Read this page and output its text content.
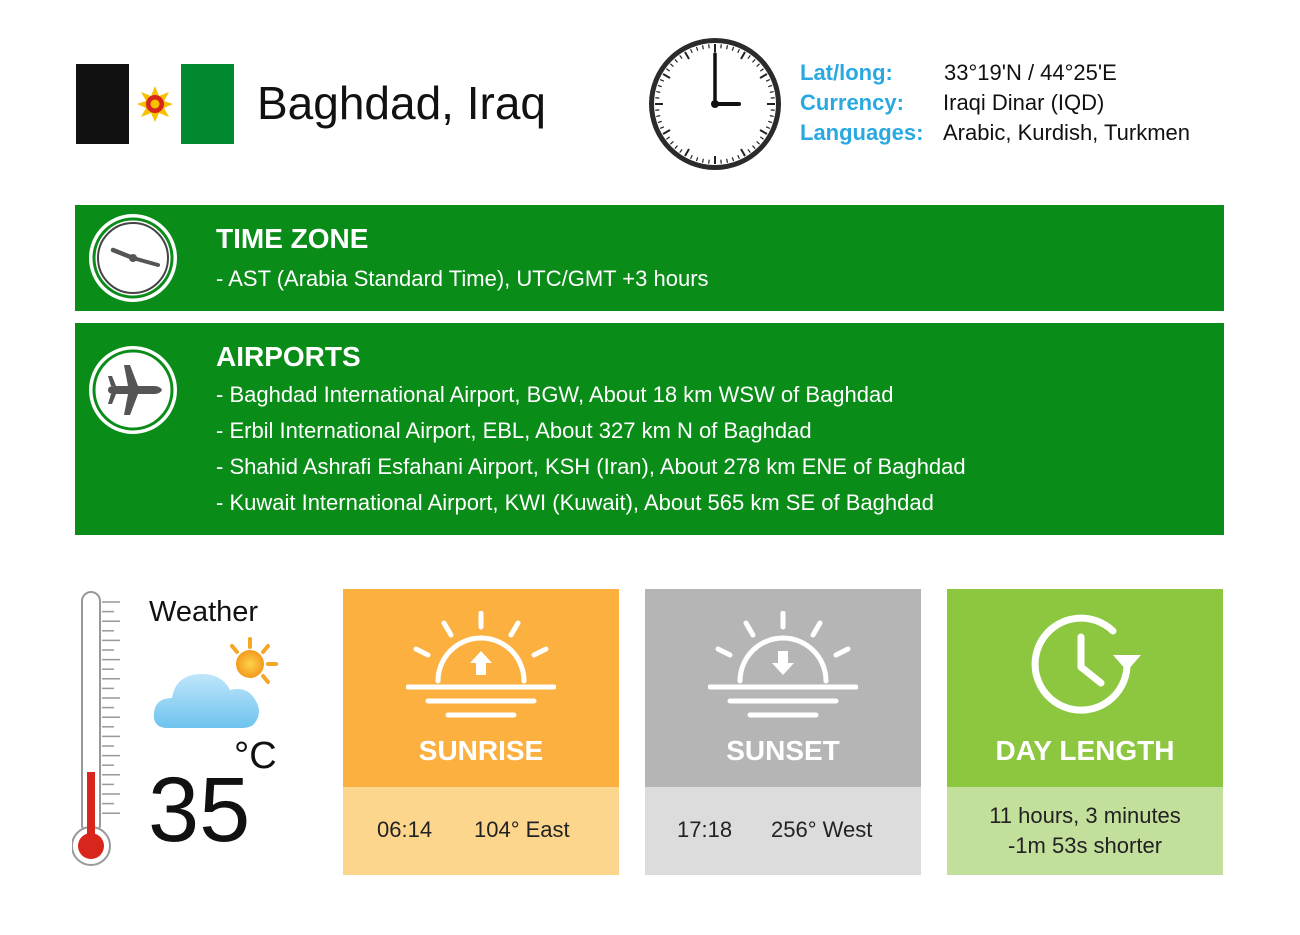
Baghdad, Iraq
Lat/long: 33°19'N / 44°25'E
Currency: Iraqi Dinar (IQD)
Languages: Arabic, Kurdish, Turkmen
TIME ZONE
- AST (Arabia Standard Time), UTC/GMT +3 hours
AIRPORTS
- Baghdad International Airport, BGW, About 18 km WSW of Baghdad
- Erbil International Airport, EBL, About 327 km N of Baghdad
- Shahid Ashrafi Esfahani Airport, KSH (Iran), About 278 km ENE of Baghdad
- Kuwait International Airport, KWI (Kuwait), About 565 km SE of Baghdad
Weather
°C
35
SUNRISE
06:14 104° East
SUNSET
17:18 256° West
DAY LENGTH
11 hours, 3 minutes
-1m 53s shorter
